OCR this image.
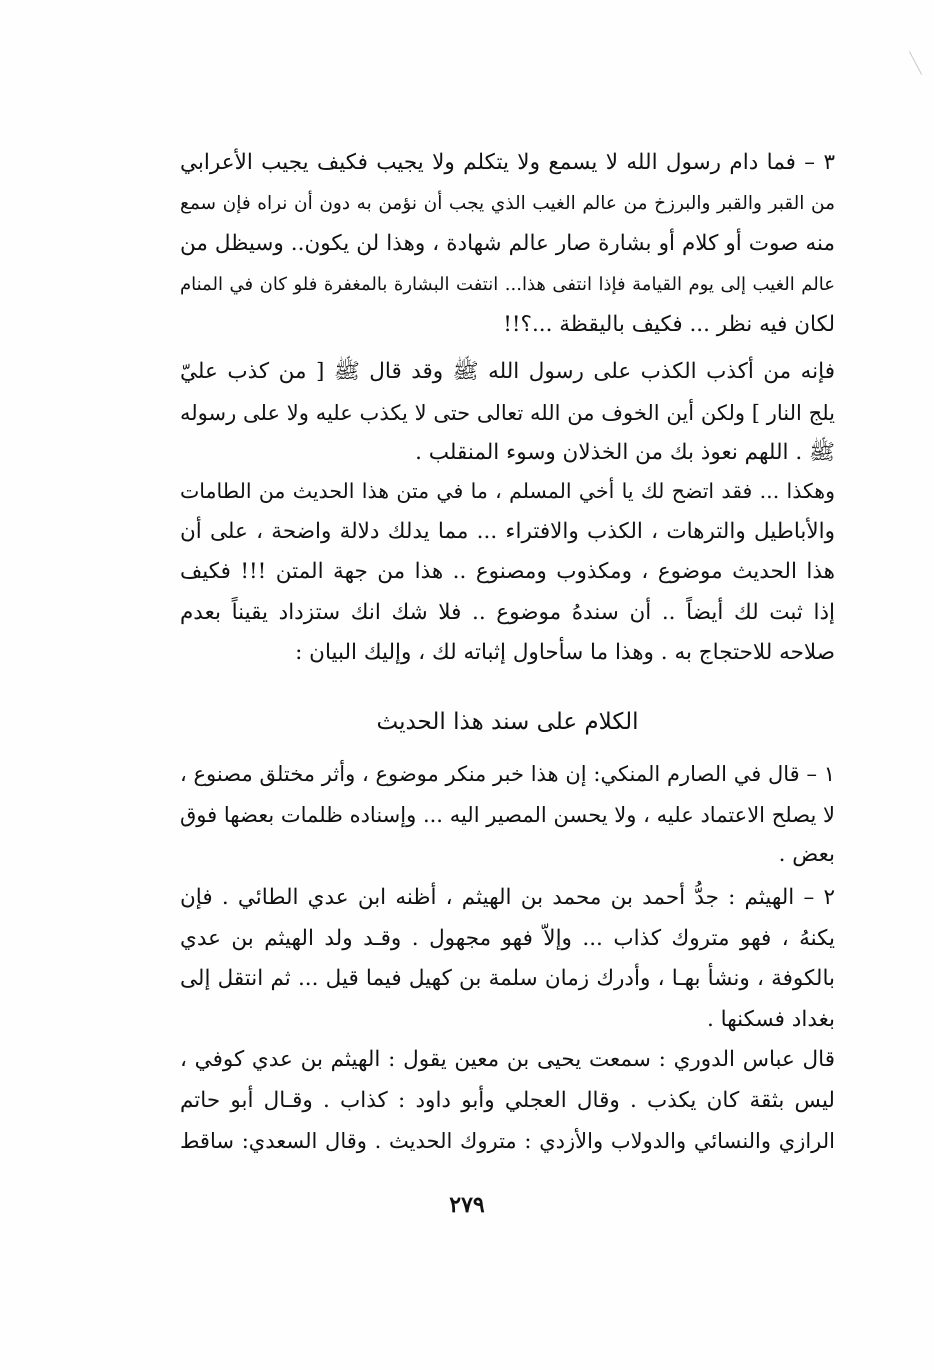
٣ – فما دام رسول الله لا يسمع ولا يتكلم ولا يجيب فكيف يجيب الأعرابي
من القبر والقبر والبرزخ من عالم الغيب الذي يجب أن نؤمن به دون أن نراه فإن سمع
منه صوت أو كلام أو بشارة صار عالم شهادة ، وهذا لن يكون.. وسيظل من
عالم الغيب إلى يوم القيامة فإذا انتفى هذا... انتفت البشارة بالمغفرة فلو كان في المنام
لكان فيه نظر ... فكيف باليقظة ...؟!!
فإنه من أكذب الكذب على رسول الله ﷺ وقد قال ﷺ [ من كذب عليّ
يلج النار ] ولكن أين الخوف من الله تعالى حتى لا يكذب عليه ولا على رسوله
ﷺ . اللهم نعوذ بك من الخذلان وسوء المنقلب .
وهكذا ... فقد اتضح لك يا أخي المسلم ، ما في متن هذا الحديث من الطامات
والأباطيل والترهات ، الكذب والافتراء ... مما يدلك دلالة واضحة ، على أن
هذا الحديث موضوع ، ومكذوب ومصنوع .. هذا من جهة المتن !!! فكيف
إذا ثبت لك أيضاً .. أن سندهُ موضوع .. فلا شك انك ستزداد يقيناً بعدم
صلاحه للاحتجاج به . وهذا ما سأحاول إثباته لك ، وإليك البيان :
الكلام على سند هذا الحديث
١ – قال في الصارم المنكي: إن هذا خبر منكر موضوع ، وأثر مختلق مصنوع ،
لا يصلح الاعتماد عليه ، ولا يحسن المصير اليه ... وإسناده ظلمات بعضها فوق
بعض .
٢ – الهيثم : جدُّ أحمد بن محمد بن الهيثم ، أظنه ابن عدي الطائي . فإن
يكنهُ ، فهو متروك كذاب ... وإلاّ فهو مجهول . وقـد ولد الهيثم بن عدي
بالكوفة ، ونشأ بهـا ، وأدرك زمان سلمة بن كهيل فيما قيل ... ثم انتقل إلى
بغداد فسكنها .
قال عباس الدوري : سمعت يحيى بن معين يقول : الهيثم بن عدي كوفي ،
ليس بثقة كان يكذب . وقال العجلي وأبو داود : كذاب . وقـال أبو حاتم
الرازي والنسائي والدولاب والأزدي : متروك الحديث . وقال السعدي: ساقط
٢٧٩
